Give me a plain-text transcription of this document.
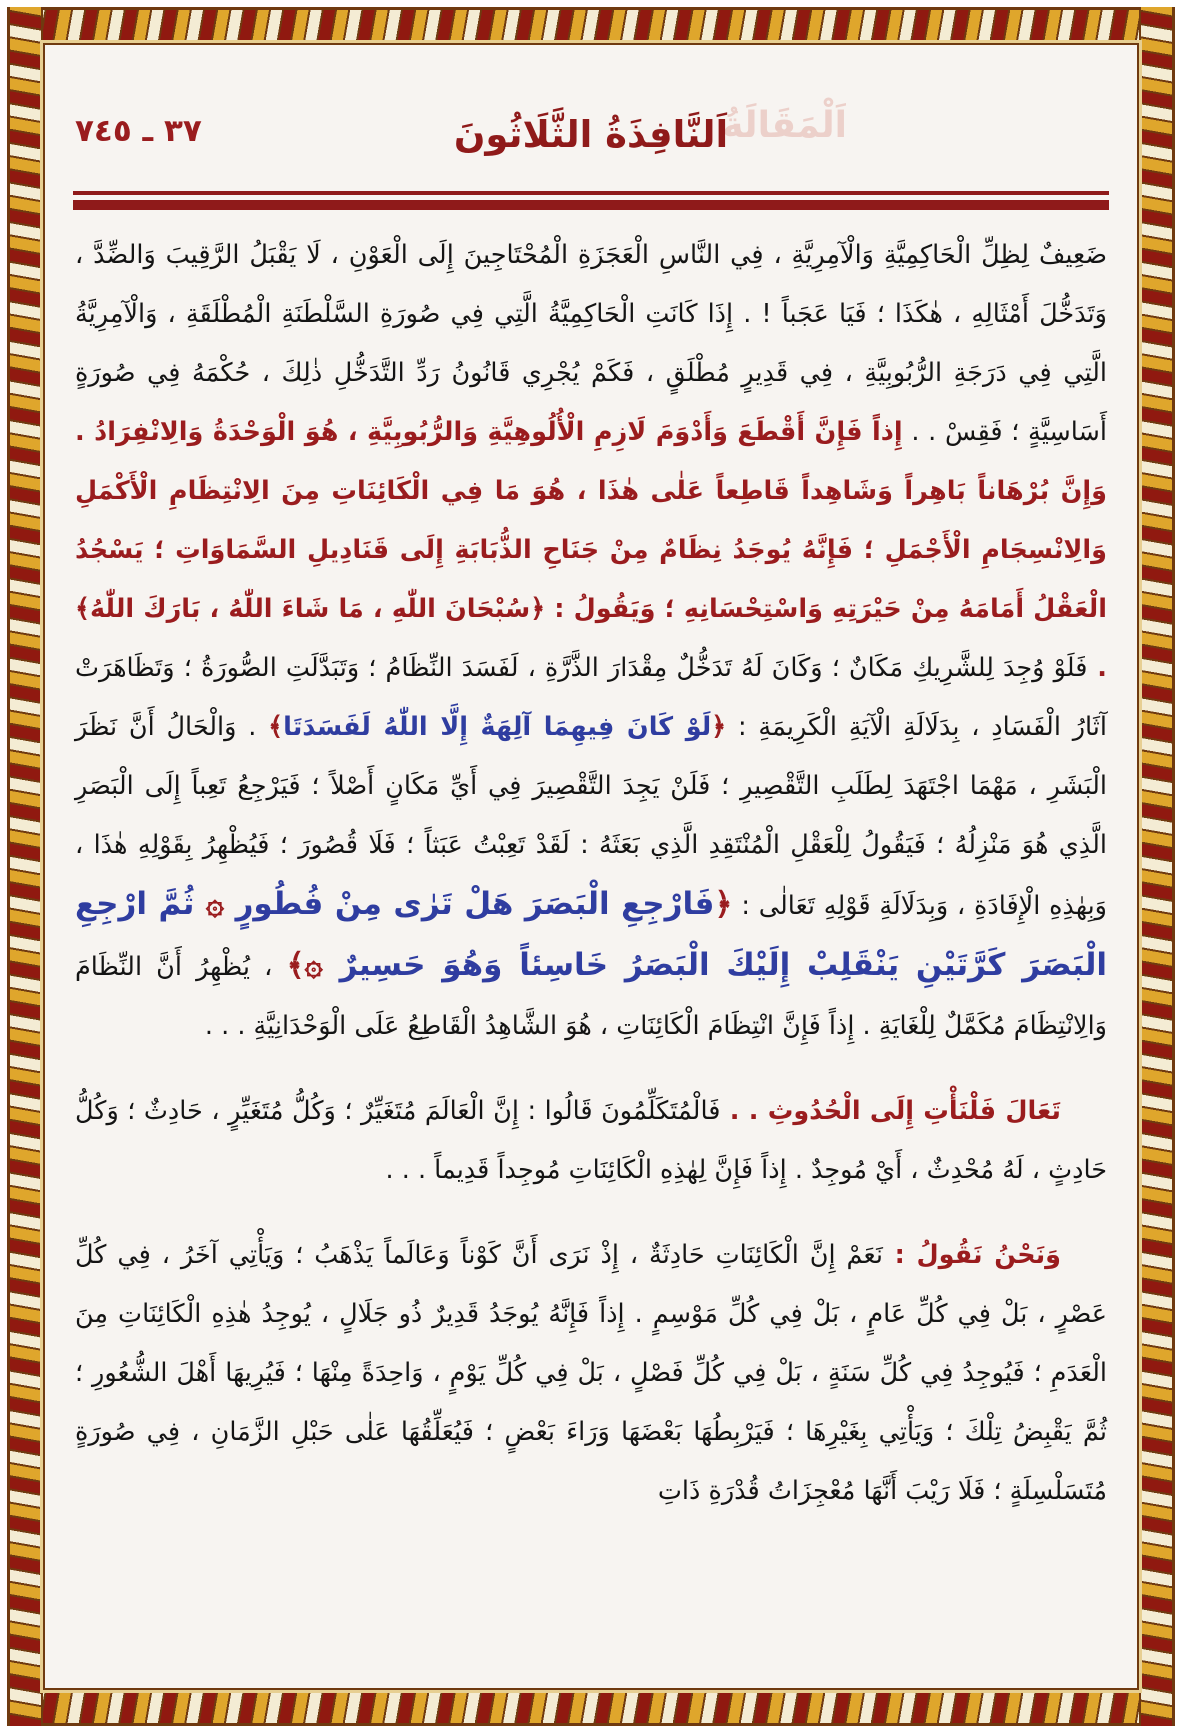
٣٧ ـ ٧٤٥	اَلْمَقَالَةُ
اَلنَّافِذَةُ الثَّلَاثُونَ

ضَعِيفٌ لِظِلِّ الْحَاكِمِيَّةِ وَالْآمِرِيَّةِ ، فِي النَّاسِ الْعَجَزَةِ الْمُحْتَاجِينَ إِلَى الْعَوْنِ ، لَا يَقْبَلُ الرَّقِيبَ وَالضِّدَّ ، وَتَدَخُّلَ أَمْثَالِهِ ، هٰكَذَا ؛ فَيَا عَجَباً ! . إِذَا كَانَتِ الْحَاكِمِيَّةُ الَّتِي فِي صُورَةِ السَّلْطَنَةِ الْمُطْلَقَةِ ، وَالْآمِرِيَّةُ الَّتِي فِي دَرَجَةِ الرُّبُوبِيَّةِ ، فِي قَدِيرٍ مُطْلَقٍ ، فَكَمْ يُجْرِي قَانُونُ رَدِّ التَّدَخُّلِ ذٰلِكَ ، حُكْمَهُ فِي صُورَةٍ أَسَاسِيَّةٍ ؛ فَقِسْ . . إِذاً فَإِنَّ أَقْطَعَ وَأَدْوَمَ لَازِمِ الْأُلُوهِيَّةِ وَالرُّبُوبِيَّةِ ، هُوَ الْوَحْدَةُ وَالِانْفِرَادُ . وَإِنَّ بُرْهَاناً بَاهِراً وَشَاهِداً قَاطِعاً عَلٰى هٰذَا ، هُوَ مَا فِي الْكَائِنَاتِ مِنَ الِانْتِظَامِ الْأَكْمَلِ وَالِانْسِجَامِ الْأَجْمَلِ ؛ فَإِنَّهُ يُوجَدُ نِظَامٌ مِنْ جَنَاحِ الذُّبَابَةِ إِلَى قَنَادِيلِ السَّمَاوَاتِ ؛ يَسْجُدُ الْعَقْلُ أَمَامَهُ مِنْ حَيْرَتِهِ وَاسْتِحْسَانِهِ ؛ وَيَقُولُ : ﴿سُبْحَانَ اللّٰهِ ، مَا شَاءَ اللّٰهُ ، بَارَكَ اللّٰهُ﴾ . فَلَوْ وُجِدَ لِلشَّرِيكِ مَكَانٌ ؛ وَكَانَ لَهُ تَدَخُّلٌ مِقْدَارَ الذَّرَّةِ ، لَفَسَدَ النِّظَامُ ؛ وَتَبَدَّلَتِ الصُّورَةُ ؛ وَتَظَاهَرَتْ آثَارُ الْفَسَادِ ، بِدَلَالَةِ الْآيَةِ الْكَرِيمَةِ : ﴿لَوْ كَانَ فِيهِمَا آلِهَةٌ إِلَّا اللّٰهُ لَفَسَدَتَا﴾ . وَالْحَالُ أَنَّ نَظَرَ الْبَشَرِ ، مَهْمَا اجْتَهَدَ لِطَلَبِ التَّقْصِيرِ ؛ فَلَنْ يَجِدَ التَّقْصِيرَ فِي أَيِّ مَكَانٍ أَصْلاً ؛ فَيَرْجِعُ تَعِباً إِلَى الْبَصَرِ الَّذِي هُوَ مَنْزِلُهُ ؛ فَيَقُولُ لِلْعَقْلِ الْمُنْتَقِدِ الَّذِي بَعَثَهُ : لَقَدْ تَعِبْتُ عَبَثاً ؛ فَلَا قُصُورَ ؛ فَيُظْهِرُ بِقَوْلِهِ هٰذَا ، وَبِهٰذِهِ الْإِفَادَةِ ، وَبِدَلَالَةِ قَوْلِهِ تَعَالٰى : ﴿فَارْجِعِ الْبَصَرَ هَلْ تَرٰى مِنْ فُطُورٍ ۞ ثُمَّ ارْجِعِ الْبَصَرَ كَرَّتَيْنِ يَنْقَلِبْ إِلَيْكَ الْبَصَرُ خَاسِئاً وَهُوَ حَسِيرٌ ۞﴾ ، يُظْهِرُ أَنَّ النِّظَامَ وَالِانْتِظَامَ مُكَمَّلٌ لِلْغَايَةِ . إِذاً فَإِنَّ انْتِظَامَ الْكَائِنَاتِ ، هُوَ الشَّاهِدُ الْقَاطِعُ عَلَى الْوَحْدَانِيَّةِ . . .

تَعَالَ فَلْنَأْتِ إِلَى الْحُدُوثِ . . فَالْمُتَكَلِّمُونَ قَالُوا : إِنَّ الْعَالَمَ مُتَغَيِّرٌ ؛ وَكُلُّ مُتَغَيِّرٍ ، حَادِثٌ ؛ وَكُلُّ حَادِثٍ ، لَهُ مُحْدِثٌ ، أَيْ مُوجِدٌ . إِذاً فَإِنَّ لِهٰذِهِ الْكَائِنَاتِ مُوجِداً قَدِيماً . . .

وَنَحْنُ نَقُولُ : نَعَمْ إِنَّ الْكَائِنَاتِ حَادِثَةٌ ، إِذْ نَرَى أَنَّ كَوْناً وَعَالَماً يَذْهَبُ ؛ وَيَأْتِي آخَرُ ، فِي كُلِّ عَصْرٍ ، بَلْ فِي كُلِّ عَامٍ ، بَلْ فِي كُلِّ مَوْسِمٍ . إِذاً فَإِنَّهُ يُوجَدُ قَدِيرٌ ذُو جَلَالٍ ، يُوجِدُ هٰذِهِ الْكَائِنَاتِ مِنَ الْعَدَمِ ؛ فَيُوجِدُ فِي كُلِّ سَنَةٍ ، بَلْ فِي كُلِّ فَصْلٍ ، بَلْ فِي كُلِّ يَوْمٍ ، وَاحِدَةً مِنْهَا ؛ فَيُرِيهَا أَهْلَ الشُّعُورِ ؛ ثُمَّ يَقْبِضُ تِلْكَ ؛ وَيَأْتِي بِغَيْرِهَا ؛ فَيَرْبِطُهَا بَعْضَهَا وَرَاءَ بَعْضٍ ؛ فَيُعَلِّقُهَا عَلٰى حَبْلِ الزَّمَانِ ، فِي صُورَةٍ مُتَسَلْسِلَةٍ ؛ فَلَا رَيْبَ أَنَّهَا مُعْجِزَاتُ قُدْرَةِ ذَاتِ
